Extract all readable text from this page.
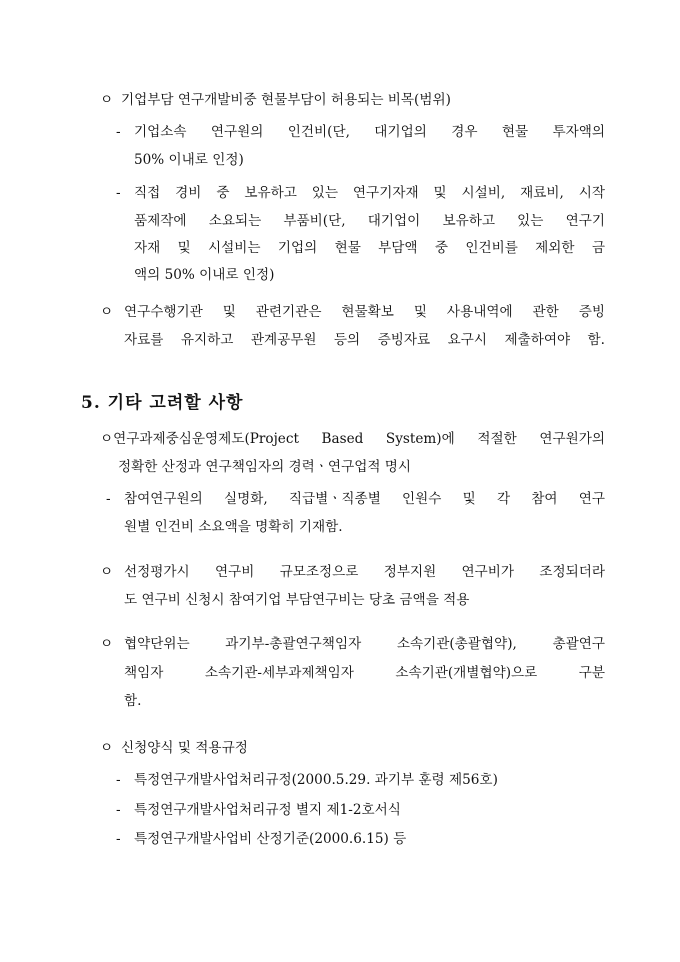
ㅇ 기업부담 연구개발비중 현물부담이 허용되는 비목(범위)
- 기업소속 연구원의 인건비(단, 대기업의 경우 현물 투자액의
50% 이내로 인정)
- 직접 경비 중 보유하고 있는 연구기자재 및 시설비, 재료비, 시작
품제작에 소요되는 부품비(단, 대기업이 보유하고 있는 연구기
자재 및 시설비는 기업의 현물 부담액 중 인건비를 제외한 금
액의 50% 이내로 인정)
ㅇ 연구수행기관 및 관련기관은 현물확보 및 사용내역에 관한 증빙
자료를 유지하고 관계공무원 등의 증빙자료 요구시 제출하여야 함.
5. 기타 고려할 사항
ㅇ연구과제중심운영제도(Project Based System)에 적절한 연구원가의
정확한 산정과 연구책임자의 경력ㆍ연구업적 명시
- 참여연구원의 실명화, 직급별ㆍ직종별 인원수 및 각 참여 연구
원별 인건비 소요액을 명확히 기재함.
ㅇ 선정평가시 연구비 규모조정으로 정부지원 연구비가 조정되더라
도 연구비 신청시 참여기업 부담연구비는 당초 금액을 적용
ㅇ 협약단위는 과기부-총괄연구책임자 소속기관(총괄협약), 총괄연구
책임자 소속기관-세부과제책임자 소속기관(개별협약)으로 구분
함.
ㅇ 신청양식 및 적용규정
- 특정연구개발사업처리규정(2000.5.29. 과기부 훈령 제56호)
- 특정연구개발사업처리규정 별지 제1-2호서식
- 특정연구개발사업비 산정기준(2000.6.15) 등
